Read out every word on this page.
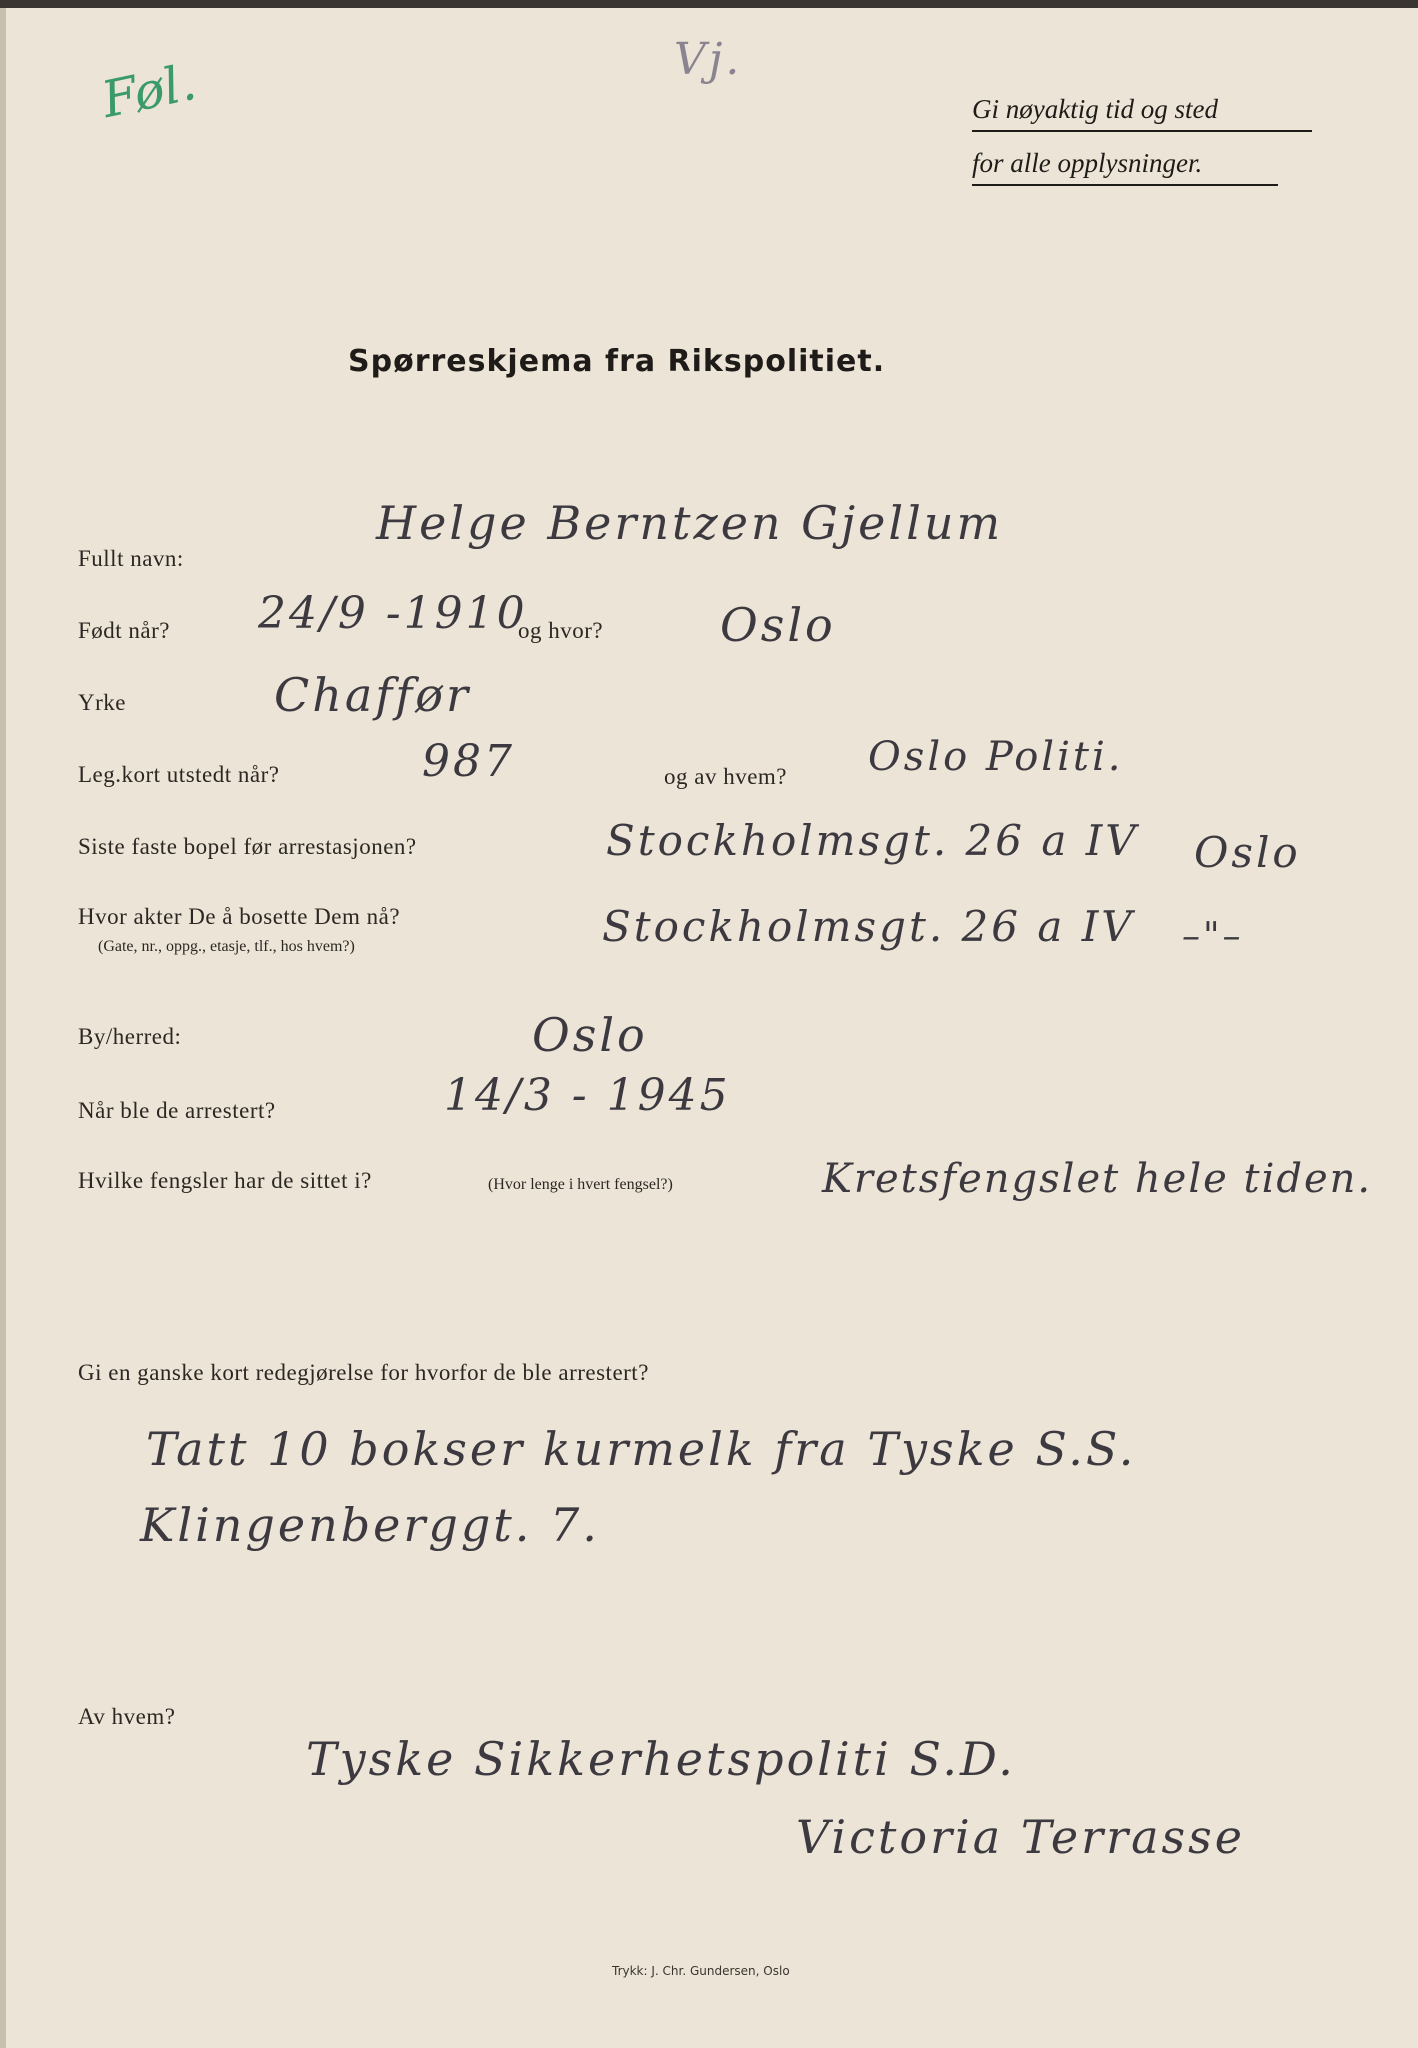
Føl.	Vj.
Gi nøyaktig tid og sted
for alle opplysninger.
Spørreskjema fra Rikspolitiet.
Fullt navn:
Helge Berntzen Gjellum
Født når? 24/9 -1910
og hvor?	Oslo
Yrke	Chaffør
Leg.kort utstedt når?	987	og av hvem? Oslo Politi.
Siste faste bopel før arrestasjonen?	Stockholmsgt. 26 a IV Oslo
Hvor akter De å bosette Dem nå?
(Gate, nr., oppg., etasje, tlf., hos hvem?)	Stockholmsgt. 26 a IV –"–
By/herred:	Oslo
Når ble de arrestert?	14/3 - 1945
Hvilke fengsler har de sittet i?	(Hvor lenge i hvert fengsel?)	Kretsfengslet hele tiden.
Gi en ganske kort redegjørelse for hvorfor de ble arrestert?
Tatt 10 bokser kurmelk fra Tyske S.S.
Klingenberggt. 7.
Av hvem?
Tyske Sikkerhetspoliti S.D.
Victoria Terrasse
Trykk: J. Chr. Gundersen, Oslo
